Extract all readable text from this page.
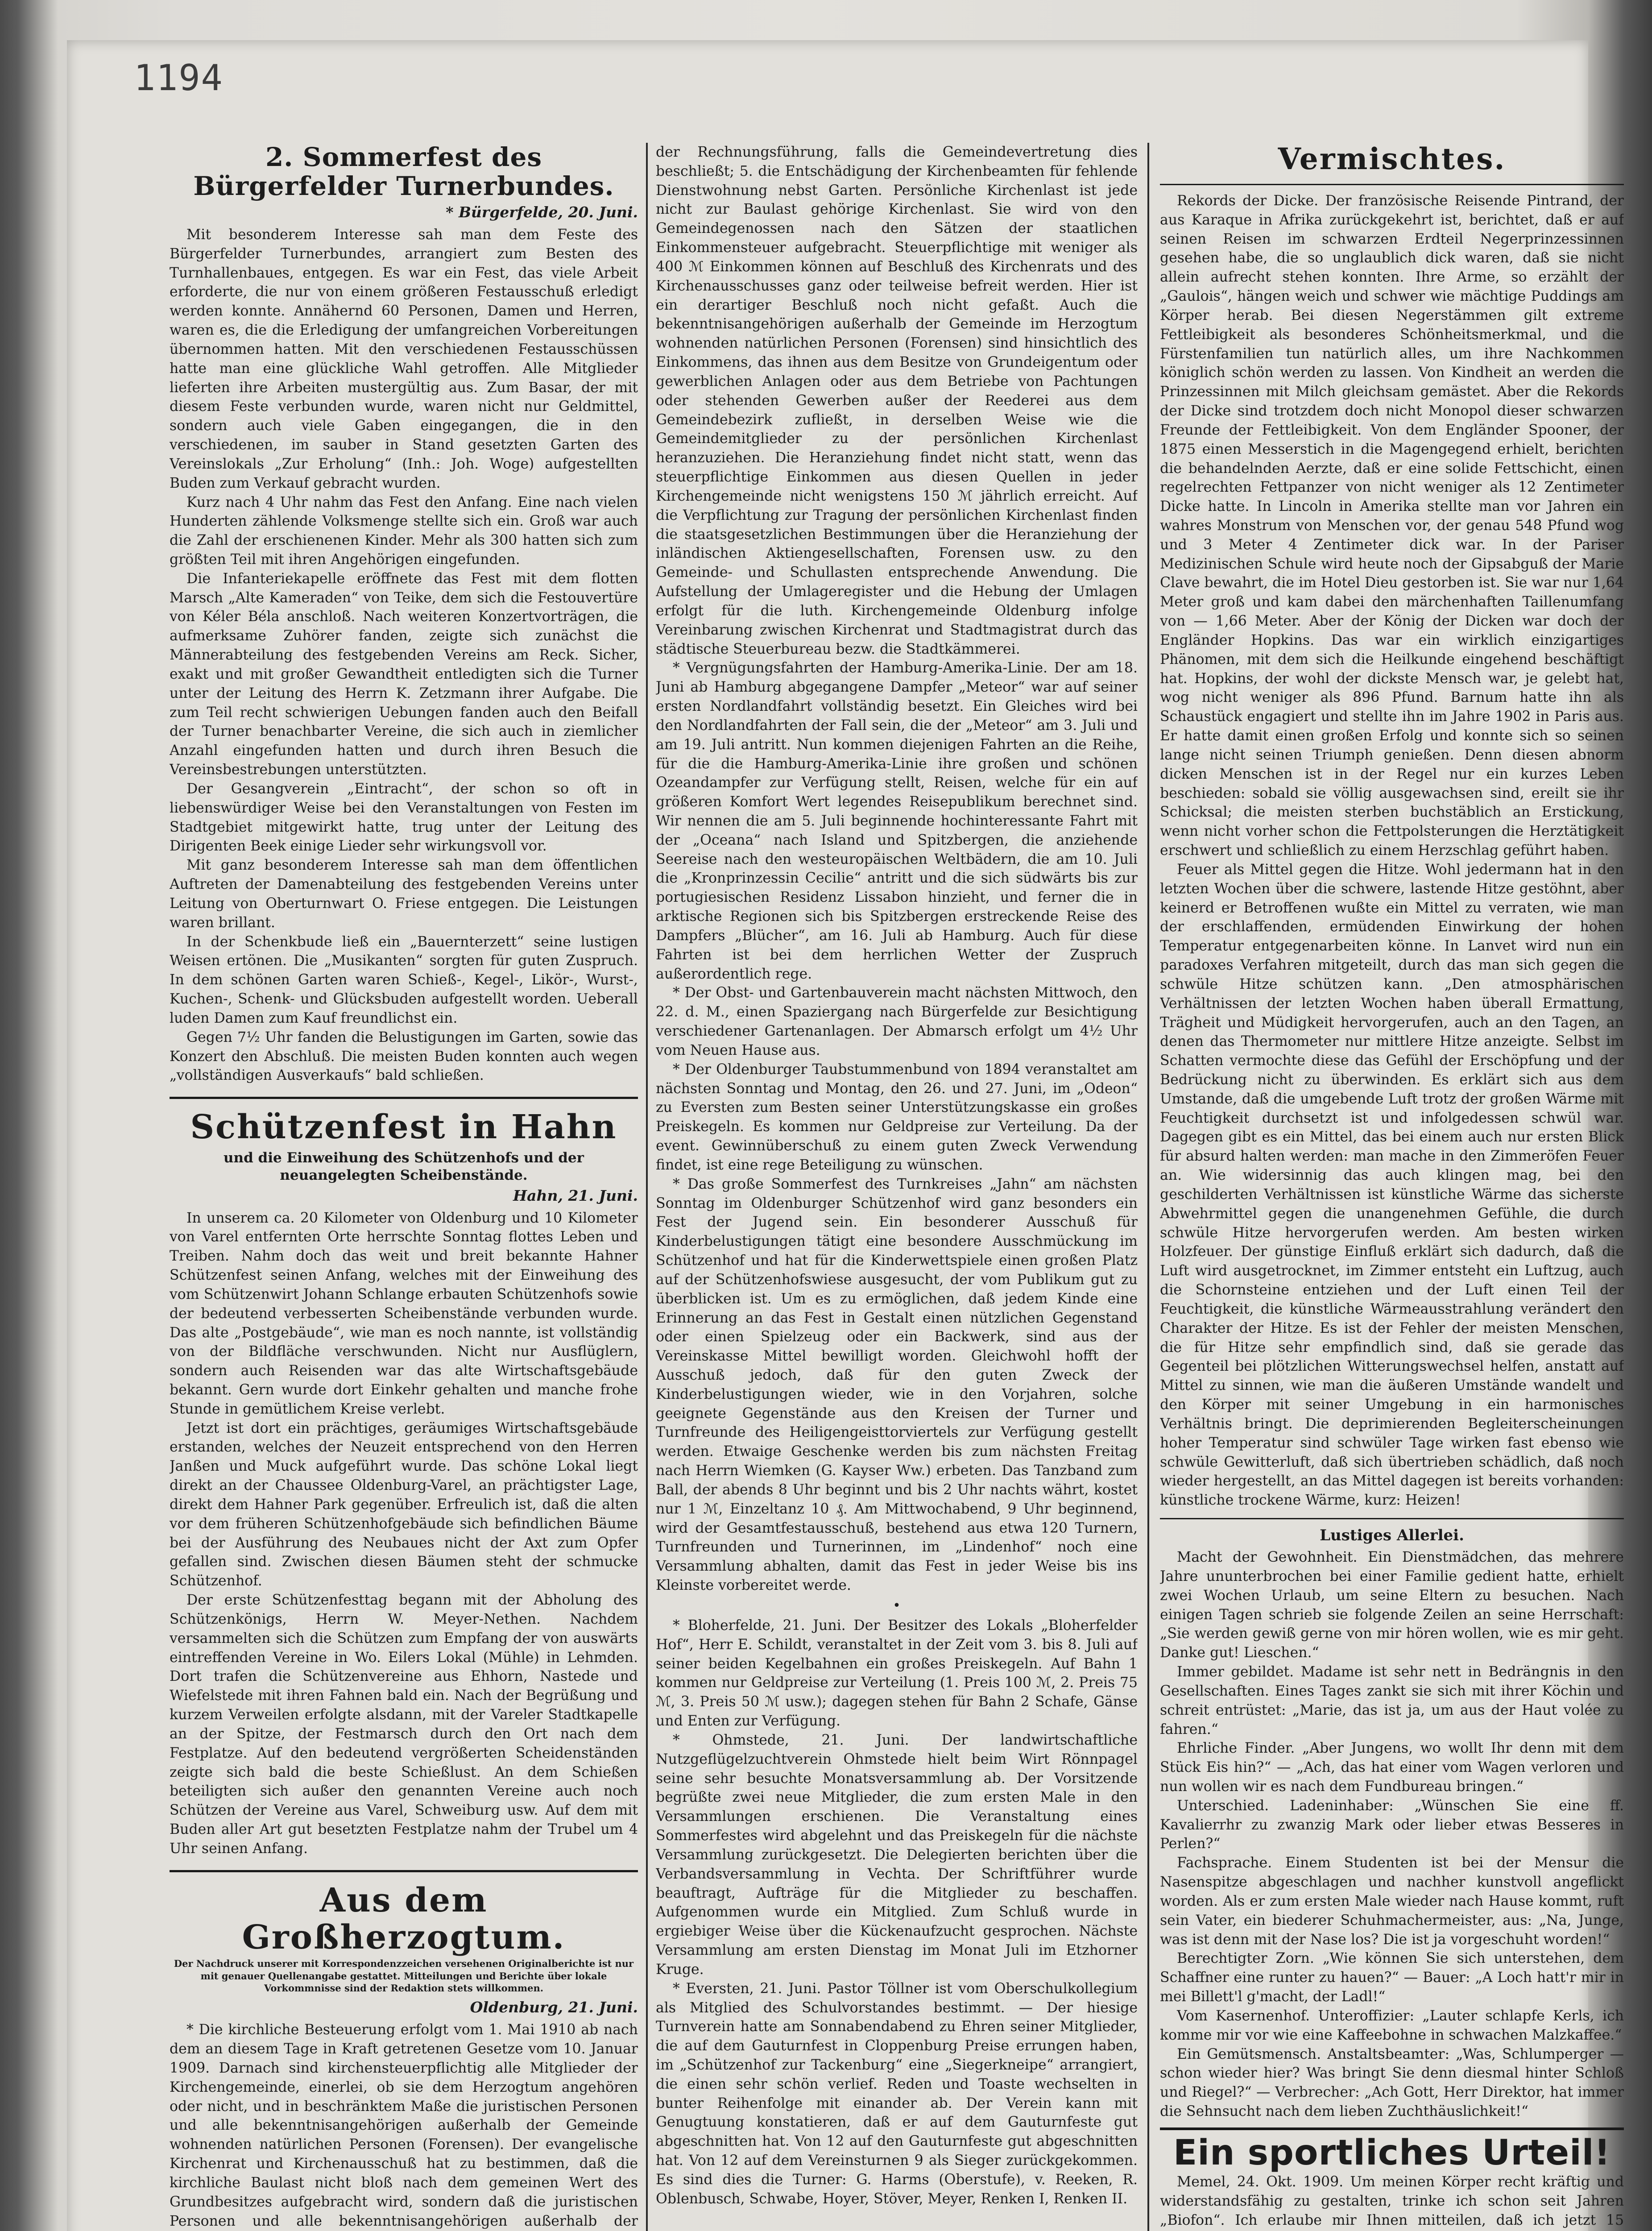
1194
2. Sommerfest des
Bürgerfelder Turnerbundes.
* Bürgerfelde, 20. Juni.

Mit besonderem Interesse sah man dem Feste des Bürgerfelder Turnerbundes, arrangiert zum Besten des Turnhallenbaues, entgegen. Es war ein Fest, das viele Arbeit erforderte, die nur von einem größeren Festausschuß erledigt werden konnte. Annähernd 60 Personen, Damen und Herren, waren es, die die Erledigung der umfangreichen Vorbereitungen übernommen hatten. Mit den verschiedenen Festausschüssen hatte man eine glückliche Wahl getroffen. Alle Mitglieder lieferten ihre Arbeiten mustergültig aus. Zum Basar, der mit diesem Feste verbunden wurde, waren nicht nur Geldmittel, sondern auch viele Gaben eingegangen, die in den verschiedenen, im sauber in Stand gesetzten Garten des Vereinslokals „Zur Erholung“ (Inh.: Joh. Woge) aufgestellten Buden zum Verkauf gebracht wurden.

Kurz nach 4 Uhr nahm das Fest den Anfang. Eine nach vielen Hunderten zählende Volksmenge stellte sich ein. Groß war auch die Zahl der erschienenen Kinder. Mehr als 300 hatten sich zum größten Teil mit ihren Angehörigen eingefunden.

Die Infanteriekapelle eröffnete das Fest mit dem flotten Marsch „Alte Kameraden“ von Teike, dem sich die Festouvertüre von Kéler Béla anschloß. Nach weiteren Konzertvorträgen, die aufmerksame Zuhörer fanden, zeigte sich zunächst die Männerabteilung des festgebenden Vereins am Reck. Sicher, exakt und mit großer Gewandtheit entledigten sich die Turner unter der Leitung des Herrn K. Zetzmann ihrer Aufgabe. Die zum Teil recht schwierigen Uebungen fanden auch den Beifall der Turner benachbarter Vereine, die sich auch in ziemlicher Anzahl eingefunden hatten und durch ihren Besuch die Vereinsbestrebungen unterstützten.

Der Gesangverein „Eintracht“, der schon so oft in liebenswürdiger Weise bei den Veranstaltungen von Festen im Stadtgebiet mitgewirkt hatte, trug unter der Leitung des Dirigenten Beek einige Lieder sehr wirkungsvoll vor.

Mit ganz besonderem Interesse sah man dem öffentlichen Auftreten der Damenabteilung des festgebenden Vereins unter Leitung von Oberturnwart O. Friese entgegen. Die Leistungen waren brillant.

In der Schenkbude ließ ein „Bauernterzett“ seine lustigen Weisen ertönen. Die „Musikanten“ sorgten für guten Zuspruch. In dem schönen Garten waren Schieß-, Kegel-, Likör-, Wurst-, Kuchen-, Schenk- und Glücksbuden aufgestellt worden. Ueberall luden Damen zum Kauf freundlichst ein.

Gegen 7½ Uhr fanden die Belustigungen im Garten, sowie das Konzert den Abschluß. Die meisten Buden konnten auch wegen „vollständigen Ausverkaufs“ bald schließen.

Schützenfest in Hahn
und die Einweihung des Schützenhofs und der neuangelegten Scheibenstände.
Hahn, 21. Juni.

In unserem ca. 20 Kilometer von Oldenburg und 10 Kilometer von Varel entfernten Orte herrschte Sonntag flottes Leben und Treiben. Nahm doch das weit und breit bekannte Hahner Schützenfest seinen Anfang, welches mit der Einweihung des vom Schützenwirt Johann Schlange erbauten Schützenhofs sowie der bedeutend verbesserten Scheibenstände verbunden wurde. Das alte „Postgebäude“, wie man es noch nannte, ist vollständig von der Bildfläche verschwunden. Nicht nur Ausflüglern, sondern auch Reisenden war das alte Wirtschaftsgebäude bekannt. Gern wurde dort Einkehr gehalten und manche frohe Stunde in gemütlichem Kreise verlebt.

Jetzt ist dort ein prächtiges, geräumiges Wirtschaftsgebäude erstanden, welches der Neuzeit entsprechend von den Herren Janßen und Muck aufgeführt wurde. Das schöne Lokal liegt direkt an der Chaussee Oldenburg-Varel, an prächtigster Lage, direkt dem Hahner Park gegenüber. Erfreulich ist, daß die alten vor dem früheren Schützenhofgebäude sich befindlichen Bäume bei der Ausführung des Neubaues nicht der Axt zum Opfer gefallen sind. Zwischen diesen Bäumen steht der schmucke Schützenhof.

Der erste Schützenfesttag begann mit der Abholung des Schützenkönigs, Herrn W. Meyer-Nethen. Nachdem versammelten sich die Schützen zum Empfang der von auswärts eintreffenden Vereine in Wo. Eilers Lokal (Mühle) in Lehmden. Dort trafen die Schützenvereine aus Ehhorn, Nastede und Wiefelstede mit ihren Fahnen bald ein. Nach der Begrüßung und kurzem Verweilen erfolgte alsdann, mit der Vareler Stadtkapelle an der Spitze, der Festmarsch durch den Ort nach dem Festplatze. Auf den bedeutend vergrößerten Scheidenständen zeigte sich bald die beste Schießlust. An dem Schießen beteiligten sich außer den genannten Vereine auch noch Schützen der Vereine aus Varel, Schweiburg usw. Auf dem mit Buden aller Art gut besetzten Festplatze nahm der Trubel um 4 Uhr seinen Anfang.

Aus dem Großherzogtum.
Der Nachdruck unserer mit Korrespondenzzeichen versehenen Originalberichte ist nur mit genauer Quellenangabe gestattet. Mitteilungen und Berichte über lokale Vorkommnisse sind der Redaktion stets willkommen.
Oldenburg, 21. Juni.

* Die kirchliche Besteuerung erfolgt vom 1. Mai 1910 ab nach dem an diesem Tage in Kraft getretenen Gesetze vom 10. Januar 1909. Darnach sind kirchensteuerpflichtig alle Mitglieder der Kirchengemeinde, einerlei, ob sie dem Herzogtum angehören oder nicht, und in beschränktem Maße die juristischen Personen und alle bekenntnisangehörigen außerhalb der Gemeinde wohnenden natürlichen Personen (Forensen). Der evangelische Kirchenrat und Kirchenausschuß hat zu bestimmen, daß die kirchliche Baulast nicht bloß nach dem gemeinen Wert des Grundbesitzes aufgebracht wird, sondern daß die juristischen Personen und alle bekenntnisangehörigen außerhalb der

der Rechnungsführung, falls die Gemeindevertretung dies beschließt; 5. die Entschädigung der Kirchenbeamten für fehlende Dienstwohnung nebst Garten. Persönliche Kirchenlast ist jede nicht zur Baulast gehörige Kirchenlast. Sie wird von den Gemeindegenossen nach den Sätzen der staatlichen Einkommensteuer aufgebracht. Steuerpflichtige mit weniger als 400 ℳ Einkommen können auf Beschluß des Kirchenrats und des Kirchenausschusses ganz oder teilweise befreit werden. Hier ist ein derartiger Beschluß noch nicht gefaßt. Auch die bekenntnisangehörigen außerhalb der Gemeinde im Herzogtum wohnenden natürlichen Personen (Forensen) sind hinsichtlich des Einkommens, das ihnen aus dem Besitze von Grundeigentum oder gewerblichen Anlagen oder aus dem Betriebe von Pachtungen oder stehenden Gewerben außer der Reederei aus dem Gemeindebezirk zufließt, in derselben Weise wie die Gemeindemitglieder zu der persönlichen Kirchenlast heranzuziehen. Die Heranziehung findet nicht statt, wenn das steuerpflichtige Einkommen aus diesen Quellen in jeder Kirchengemeinde nicht wenigstens 150 ℳ jährlich erreicht. Auf die Verpflichtung zur Tragung der persönlichen Kirchenlast finden die staatsgesetzlichen Bestimmungen über die Heranziehung der inländischen Aktiengesellschaften, Forensen usw. zu den Gemeinde- und Schullasten entsprechende Anwendung. Die Aufstellung der Umlageregister und die Hebung der Umlagen erfolgt für die luth. Kirchengemeinde Oldenburg infolge Vereinbarung zwischen Kirchenrat und Stadtmagistrat durch das städtische Steuerbureau bezw. die Stadtkämmerei.

* Vergnügungsfahrten der Hamburg-Amerika-Linie. Der am 18. Juni ab Hamburg abgegangene Dampfer „Meteor“ war auf seiner ersten Nordlandfahrt vollständig besetzt. Ein Gleiches wird bei den Nordlandfahrten der Fall sein, die der „Meteor“ am 3. Juli und am 19. Juli antritt. Nun kommen diejenigen Fahrten an die Reihe, für die die Hamburg-Amerika-Linie ihre großen und schönen Ozeandampfer zur Verfügung stellt, Reisen, welche für ein auf größeren Komfort Wert legendes Reisepublikum berechnet sind. Wir nennen die am 5. Juli beginnende hochinteressante Fahrt mit der „Oceana“ nach Island und Spitzbergen, die anziehende Seereise nach den westeuropäischen Weltbädern, die am 10. Juli die „Kronprinzessin Cecilie“ antritt und die sich südwärts bis zur portugiesischen Residenz Lissabon hinzieht, und ferner die in arktische Regionen sich bis Spitzbergen erstreckende Reise des Dampfers „Blücher“, am 16. Juli ab Hamburg. Auch für diese Fahrten ist bei dem herrlichen Wetter der Zuspruch außerordentlich rege.

* Der Obst- und Gartenbauverein macht nächsten Mittwoch, den 22. d. M., einen Spaziergang nach Bürgerfelde zur Besichtigung verschiedener Gartenanlagen. Der Abmarsch erfolgt um 4½ Uhr vom Neuen Hause aus.

* Der Oldenburger Taubstummenbund von 1894 veranstaltet am nächsten Sonntag und Montag, den 26. und 27. Juni, im „Odeon“ zu Eversten zum Besten seiner Unterstützungskasse ein großes Preiskegeln. Es kommen nur Geldpreise zur Verteilung. Da der event. Gewinnüberschuß zu einem guten Zweck Verwendung findet, ist eine rege Beteiligung zu wünschen.

* Das große Sommerfest des Turnkreises „Jahn“ am nächsten Sonntag im Oldenburger Schützenhof wird ganz besonders ein Fest der Jugend sein. Ein besonderer Ausschuß für Kinderbelustigungen tätigt eine besondere Ausschmückung im Schützenhof und hat für die Kinderwettspiele einen großen Platz auf der Schützenhofswiese ausgesucht, der vom Publikum gut zu überblicken ist. Um es zu ermöglichen, daß jedem Kinde eine Erinnerung an das Fest in Gestalt einen nützlichen Gegenstand oder einen Spielzeug oder ein Backwerk, sind aus der Vereinskasse Mittel bewilligt worden. Gleichwohl hofft der Ausschuß jedoch, daß für den guten Zweck der Kinderbelustigungen wieder, wie in den Vorjahren, solche geeignete Gegenstände aus den Kreisen der Turner und Turnfreunde des Heiligengeisttorviertels zur Verfügung gestellt werden. Etwaige Geschenke werden bis zum nächsten Freitag nach Herrn Wiemken (G. Kayser Ww.) erbeten. Das Tanzband zum Ball, der abends 8 Uhr beginnt und bis 2 Uhr nachts währt, kostet nur 1 ℳ, Einzeltanz 10 ₰. Am Mittwochabend, 9 Uhr beginnend, wird der Gesamtfestausschuß, bestehend aus etwa 120 Turnern, Turnfreunden und Turnerinnen, im „Lindenhof“ noch eine Versammlung abhalten, damit das Fest in jeder Weise bis ins Kleinste vorbereitet werde.

•

* Bloherfelde, 21. Juni. Der Besitzer des Lokals „Bloherfelder Hof“, Herr E. Schildt, veranstaltet in der Zeit vom 3. bis 8. Juli auf seiner beiden Kegelbahnen ein großes Preiskegeln. Auf Bahn 1 kommen nur Geldpreise zur Verteilung (1. Preis 100 ℳ, 2. Preis 75 ℳ, 3. Preis 50 ℳ usw.); dagegen stehen für Bahn 2 Schafe, Gänse und Enten zur Verfügung.

* Ohmstede, 21. Juni. Der landwirtschaftliche Nutzgeflügelzuchtverein Ohmstede hielt beim Wirt Rönnpagel seine sehr besuchte Monatsversammlung ab. Der Vorsitzende begrüßte zwei neue Mitglieder, die zum ersten Male in den Versammlungen erschienen. Die Veranstaltung eines Sommerfestes wird abgelehnt und das Preiskegeln für die nächste Versammlung zurückgesetzt. Die Delegierten berichten über die Verbandsversammlung in Vechta. Der Schriftführer wurde beauftragt, Aufträge für die Mitglieder zu beschaffen. Aufgenommen wurde ein Mitglied. Zum Schluß wurde in ergiebiger Weise über die Kückenaufzucht gesprochen. Nächste Versammlung am ersten Dienstag im Monat Juli im Etzhorner Kruge.

* Eversten, 21. Juni. Pastor Töllner ist vom Oberschulkollegium als Mitglied des Schulvorstandes bestimmt. — Der hiesige Turnverein hatte am Sonnabendabend zu Ehren seiner Mitglieder, die auf dem Gauturnfest in Cloppenburg Preise errungen haben, im „Schützenhof zur Tackenburg“ eine „Siegerkneipe“ arrangiert, die einen sehr schön verlief. Reden und Toaste wechselten in bunter Reihenfolge mit einander ab. Der Verein kann mit Genugtuung konstatieren, daß er auf dem Gauturnfeste gut abgeschnitten hat. Von 12 auf den Gauturnfeste gut abgeschnitten hat. Von 12 auf dem Vereinsturnen 9 als Sieger zurückgekommen. Es sind dies die Turner: G. Harms (Oberstufe), v. Reeken, R. Oblenbusch, Schwabe, Hoyer, Stöver, Meyer, Renken I, Renken II.

Vermischtes.

Rekords der Dicke. Der französische Reisende Pintrand, der aus Karaque in Afrika zurückgekehrt ist, berichtet, daß er auf seinen Reisen im schwarzen Erdteil Negerprinzessinnen gesehen habe, die so unglaublich dick waren, daß sie nicht allein aufrecht stehen konnten. Ihre Arme, so erzählt der „Gaulois“, hängen weich und schwer wie mächtige Puddings am Körper herab. Bei diesen Negerstämmen gilt extreme Fettleibigkeit als besonderes Schönheitsmerkmal, und die Fürstenfamilien tun natürlich alles, um ihre Nachkommen königlich schön werden zu lassen. Von Kindheit an werden die Prinzessinnen mit Milch gleichsam gemästet. Aber die Rekords der Dicke sind trotzdem doch nicht Monopol dieser schwarzen Freunde der Fettleibigkeit. Von dem Engländer Spooner, der 1875 einen Messerstich in die Magengegend erhielt, berichten die behandelnden Aerzte, daß er eine solide Fettschicht, einen regelrechten Fettpanzer von nicht weniger als 12 Zentimeter Dicke hatte. In Lincoln in Amerika stellte man vor Jahren ein wahres Monstrum von Menschen vor, der genau 548 Pfund wog und 3 Meter 4 Zentimeter dick war. In der Pariser Medizinischen Schule wird heute noch der Gipsabguß der Marie Clave bewahrt, die im Hotel Dieu gestorben ist. Sie war nur 1,64 Meter groß und kam dabei den märchenhaften Taillenumfang von — 1,66 Meter. Aber der König der Dicken war doch der Engländer Hopkins. Das war ein wirklich einzigartiges Phänomen, mit dem sich die Heilkunde eingehend beschäftigt hat. Hopkins, der wohl der dickste Mensch war, je gelebt hat, wog nicht weniger als 896 Pfund. Barnum hatte ihn als Schaustück engagiert und stellte ihn im Jahre 1902 in Paris aus. Er hatte damit einen großen Erfolg und konnte sich so seinen lange nicht seinen Triumph genießen. Denn diesen abnorm dicken Menschen ist in der Regel nur ein kurzes Leben beschieden: sobald sie völlig ausgewachsen sind, ereilt sie ihr Schicksal; die meisten sterben buchstäblich an Erstickung, wenn nicht vorher schon die Fettpolsterungen die Herztätigkeit erschwert und schließlich zu einem Herzschlag geführt haben.

Feuer als Mittel gegen die Hitze. Wohl jedermann hat in den letzten Wochen über die schwere, lastende Hitze gestöhnt, aber keinerd er Betroffenen wußte ein Mittel zu verraten, wie man der erschlaffenden, ermüdenden Einwirkung der hohen Temperatur entgegenarbeiten könne. In Lanvet wird nun ein paradoxes Verfahren mitgeteilt, durch das man sich gegen die schwüle Hitze schützen kann. „Den atmosphärischen Verhältnissen der letzten Wochen haben überall Ermattung, Trägheit und Müdigkeit hervorgerufen, auch an den Tagen, an denen das Thermometer nur mittlere Hitze anzeigte. Selbst im Schatten vermochte diese das Gefühl der Erschöpfung und der Bedrückung nicht zu überwinden. Es erklärt sich aus dem Umstande, daß die umgebende Luft trotz der großen Wärme mit Feuchtigkeit durchsetzt ist und infolgedessen schwül war. Dagegen gibt es ein Mittel, das bei einem auch nur ersten Blick für absurd halten werden: man mache in den Zimmeröfen Feuer an. Wie widersinnig das auch klingen mag, bei den geschilderten Verhältnissen ist künstliche Wärme das sicherste Abwehrmittel gegen die unangenehmen Gefühle, die durch schwüle Hitze hervorgerufen werden. Am besten wirken Holzfeuer. Der günstige Einfluß erklärt sich dadurch, daß die Luft wird ausgetrocknet, im Zimmer entsteht ein Luftzug, auch die Schornsteine entziehen und der Luft einen Teil der Feuchtigkeit, die künstliche Wärmeausstrahlung verändert den Charakter der Hitze. Es ist der Fehler der meisten Menschen, die für Hitze sehr empfindlich sind, daß sie gerade das Gegenteil bei plötzlichen Witterungswechsel helfen, anstatt auf Mittel zu sinnen, wie man die äußeren Umstände wandelt und den Körper mit seiner Umgebung in ein harmonisches Verhältnis bringt. Die deprimierenden Begleiterscheinungen hoher Temperatur sind schwüler Tage wirken fast ebenso wie schwüle Gewitterluft, daß sich übertrieben schädlich, daß noch wieder hergestellt, an das Mittel dagegen ist bereits vorhanden: künstliche trockene Wärme, kurz: Heizen!

Lustiges Allerlei.

Macht der Gewohnheit. Ein Dienstmädchen, das mehrere Jahre ununterbrochen bei einer Familie gedient hatte, erhielt zwei Wochen Urlaub, um seine Eltern zu besuchen. Nach einigen Tagen schrieb sie folgende Zeilen an seine Herrschaft: „Sie werden gewiß gerne von mir hören wollen, wie es mir geht. Danke gut! Lieschen.“

Immer gebildet. Madame ist sehr nett in Bedrängnis in den Gesellschaften. Eines Tages zankt sie sich mit ihrer Köchin und schreit entrüstet: „Marie, das ist ja, um aus der Haut volée zu fahren.“

Ehrliche Finder. „Aber Jungens, wo wollt Ihr denn mit dem Stück Eis hin?“ — „Ach, das hat einer vom Wagen verloren und nun wollen wir es nach dem Fundbureau bringen.“

Unterschied. Ladeninhaber: „Wünschen Sie eine ff. Kavalierrhr zu zwanzig Mark oder lieber etwas Besseres in Perlen?“

Fachsprache. Einem Studenten ist bei der Mensur die Nasenspitze abgeschlagen und nachher kunstvoll angeflickt worden. Als er zum ersten Male wieder nach Hause kommt, ruft sein Vater, ein biederer Schuhmachermeister, aus: „Na, Junge, was ist denn mit der Nase los? Die ist ja vorgeschuht worden!“

Berechtigter Zorn. „Wie können Sie sich unterstehen, dem Schaffner eine runter zu hauen?“ — Bauer: „A Loch hatt'r mir in mei Billett'l g'macht, der Ladl!“

Vom Kasernenhof. Unteroffizier: „Lauter schlapfe Kerls, ich komme mir vor wie eine Kaffeebohne in schwachen Malzkaffee.“

Ein Gemütsmensch. Anstaltsbeamter: „Was, Schlumperger — schon wieder hier? Was bringt Sie denn diesmal hinter Schloß und Riegel?“ — Verbrecher: „Ach Gott, Herr Direktor, hat immer die Sehnsucht nach dem lieben Zuchthäuslichkeit!“

Ein sportliches Urteil!

Memel, 24. Okt. 1909. Um meinen Körper recht kräftig und widerstandsfähig zu gestalten, trinke ich schon seit Jahren „Biofon“. Ich erlaube mir Ihnen mitteilen, daß ich jetzt 15
